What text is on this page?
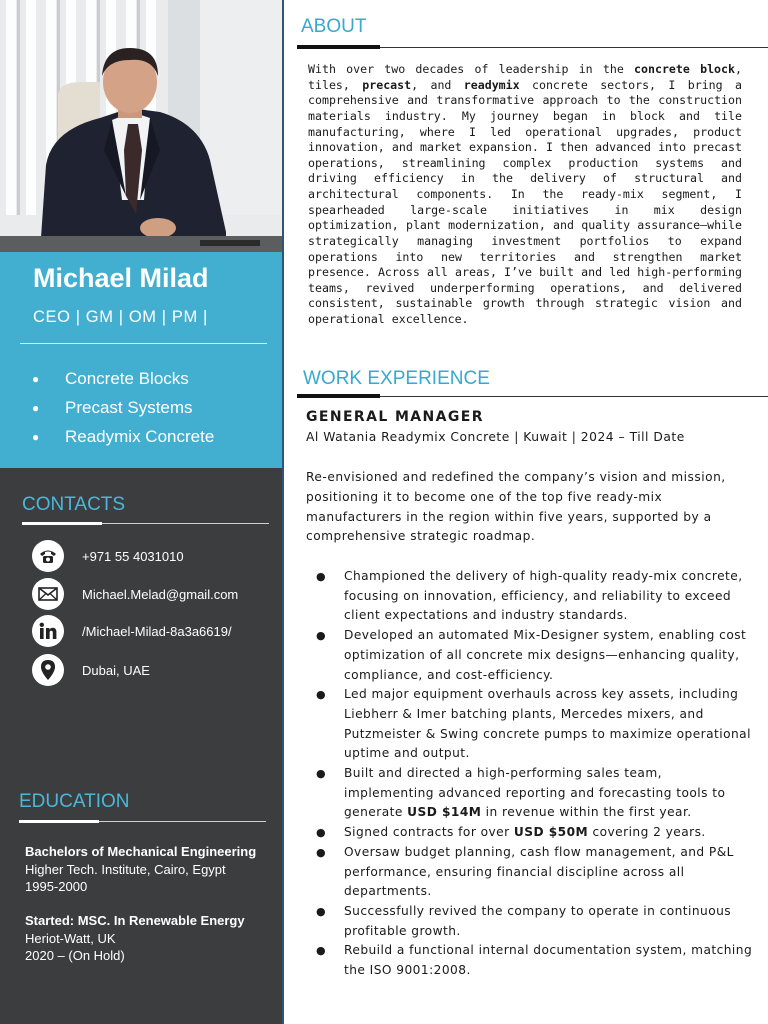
Michael Milad
CEO | GM | OM | PM |
●	Concrete Blocks
●	Precast Systems
●	Readymix Concrete
CONTACTS
+971 55 4031010
Michael.Melad@gmail.com
/Michael-Milad-8a3a6619/
Dubai, UAE
EDUCATION
Bachelors of Mechanical Engineering
Higher Tech. Institute, Cairo, Egypt
1995-2000
Started: MSC. In Renewable Energy
Heriot-Watt, UK
2020 – (On Hold)
ABOUT
With over two decades of leadership in the concrete block, tiles, precast, and readymix concrete sectors, I bring a comprehensive and transformative approach to the construction materials industry. My journey began in block and tile manufacturing, where I led operational upgrades, product innovation, and market expansion. I then advanced into precast operations, streamlining complex production systems and driving efficiency in the delivery of structural and architectural components. In the ready-mix segment, I spearheaded large-scale initiatives in mix design optimization, plant modernization, and quality assurance—while strategically managing investment portfolios to expand operations into new territories and strengthen market presence. Across all areas, I’ve built and led high-performing teams, revived underperforming operations, and delivered consistent, sustainable growth through strategic vision and operational excellence.
WORK EXPERIENCE
GENERAL MANAGER
Al Watania Readymix Concrete | Kuwait | 2024 – Till Date
Re-envisioned and redefined the company’s vision and mission, positioning it to become one of the top five ready-mix manufacturers in the region within five years, supported by a comprehensive strategic roadmap.
● Championed the delivery of high-quality ready-mix concrete, focusing on innovation, efficiency, and reliability to exceed client expectations and industry standards.
● Developed an automated Mix-Designer system, enabling cost optimization of all concrete mix designs—enhancing quality, compliance, and cost-efficiency.
● Led major equipment overhauls across key assets, including Liebherr & Imer batching plants, Mercedes mixers, and Putzmeister & Swing concrete pumps to maximize operational uptime and output.
● Built and directed a high-performing sales team, implementing advanced reporting and forecasting tools to generate USD $14M in revenue within the first year.
● Signed contracts for over USD $50M covering 2 years.
● Oversaw budget planning, cash flow management, and P&L performance, ensuring financial discipline across all departments.
● Successfully revived the company to operate in continuous profitable growth.
● Rebuild a functional internal documentation system, matching the ISO 9001:2008.
